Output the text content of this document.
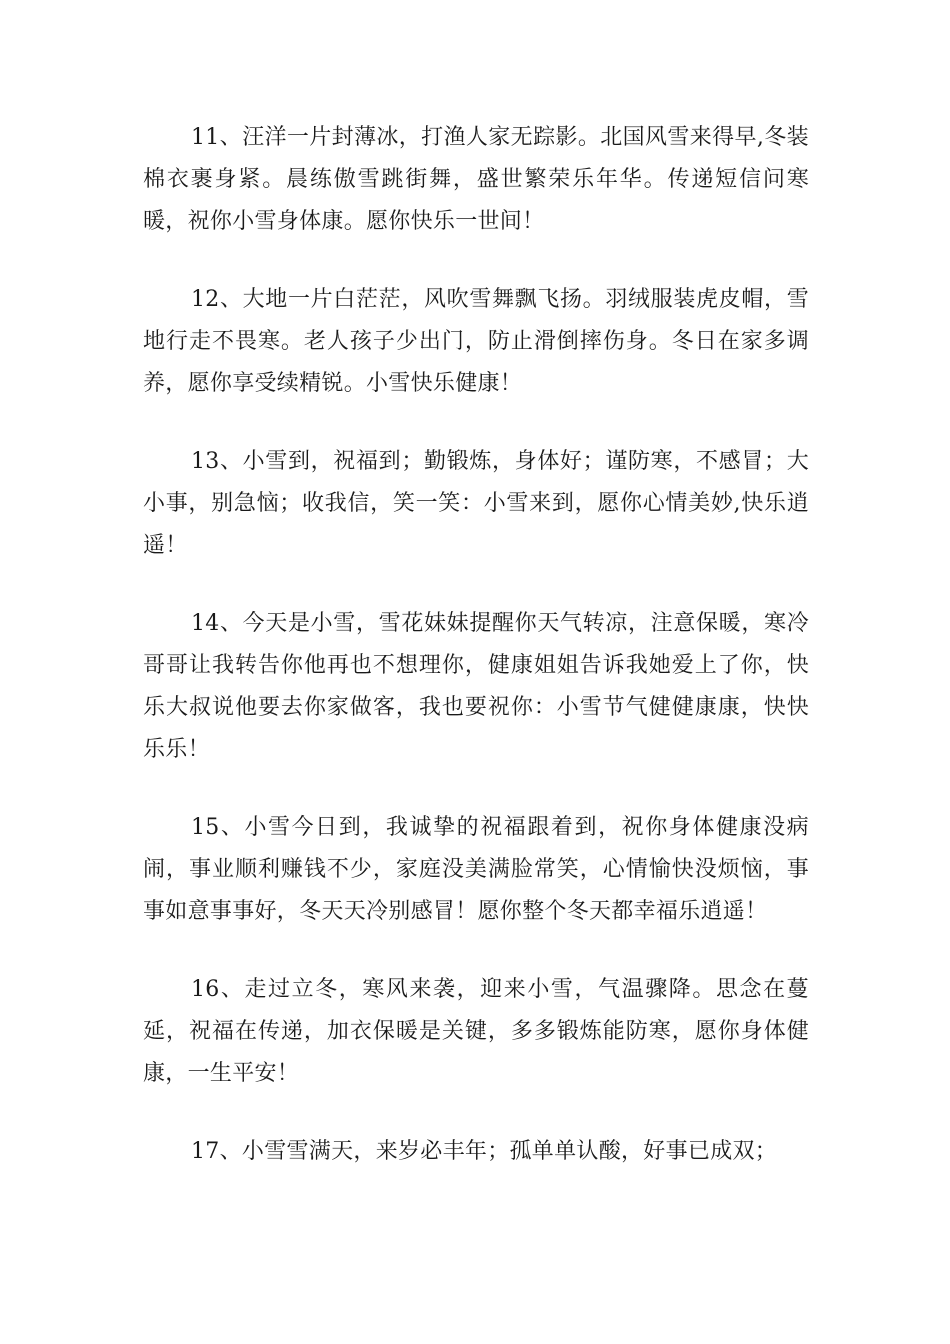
11、汪洋一片封薄冰，打渔人家无踪影。北国风雪来得早,冬装棉衣裹身紧。晨练傲雪跳街舞，盛世繁荣乐年华。传递短信问寒暖，祝你小雪身体康。愿你快乐一世间！

12、大地一片白茫茫，风吹雪舞飘飞扬。羽绒服装虎皮帽，雪地行走不畏寒。老人孩子少出门，防止滑倒摔伤身。冬日在家多调养，愿你享受续精锐。小雪快乐健康！

13、小雪到，祝福到；勤锻炼，身体好；谨防寒，不感冒；大小事，别急恼；收我信，笑一笑：小雪来到，愿你心情美妙,快乐逍遥！

14、今天是小雪，雪花妹妹提醒你天气转凉，注意保暖，寒冷哥哥让我转告你他再也不想理你，健康姐姐告诉我她爱上了你，快乐大叔说他要去你家做客，我也要祝你：小雪节气健健康康，快快乐乐！

15、小雪今日到，我诚挚的祝福跟着到，祝你身体健康没病闹，事业顺利赚钱不少，家庭没美满脸常笑，心情愉快没烦恼，事事如意事事好，冬天天冷别感冒！愿你整个冬天都幸福乐逍遥！

16、走过立冬，寒风来袭，迎来小雪，气温骤降。思念在蔓延，祝福在传递，加衣保暖是关键，多多锻炼能防寒，愿你身体健康，一生平安！

17、小雪雪满天，来岁必丰年；孤单单认酸，好事已成双；
